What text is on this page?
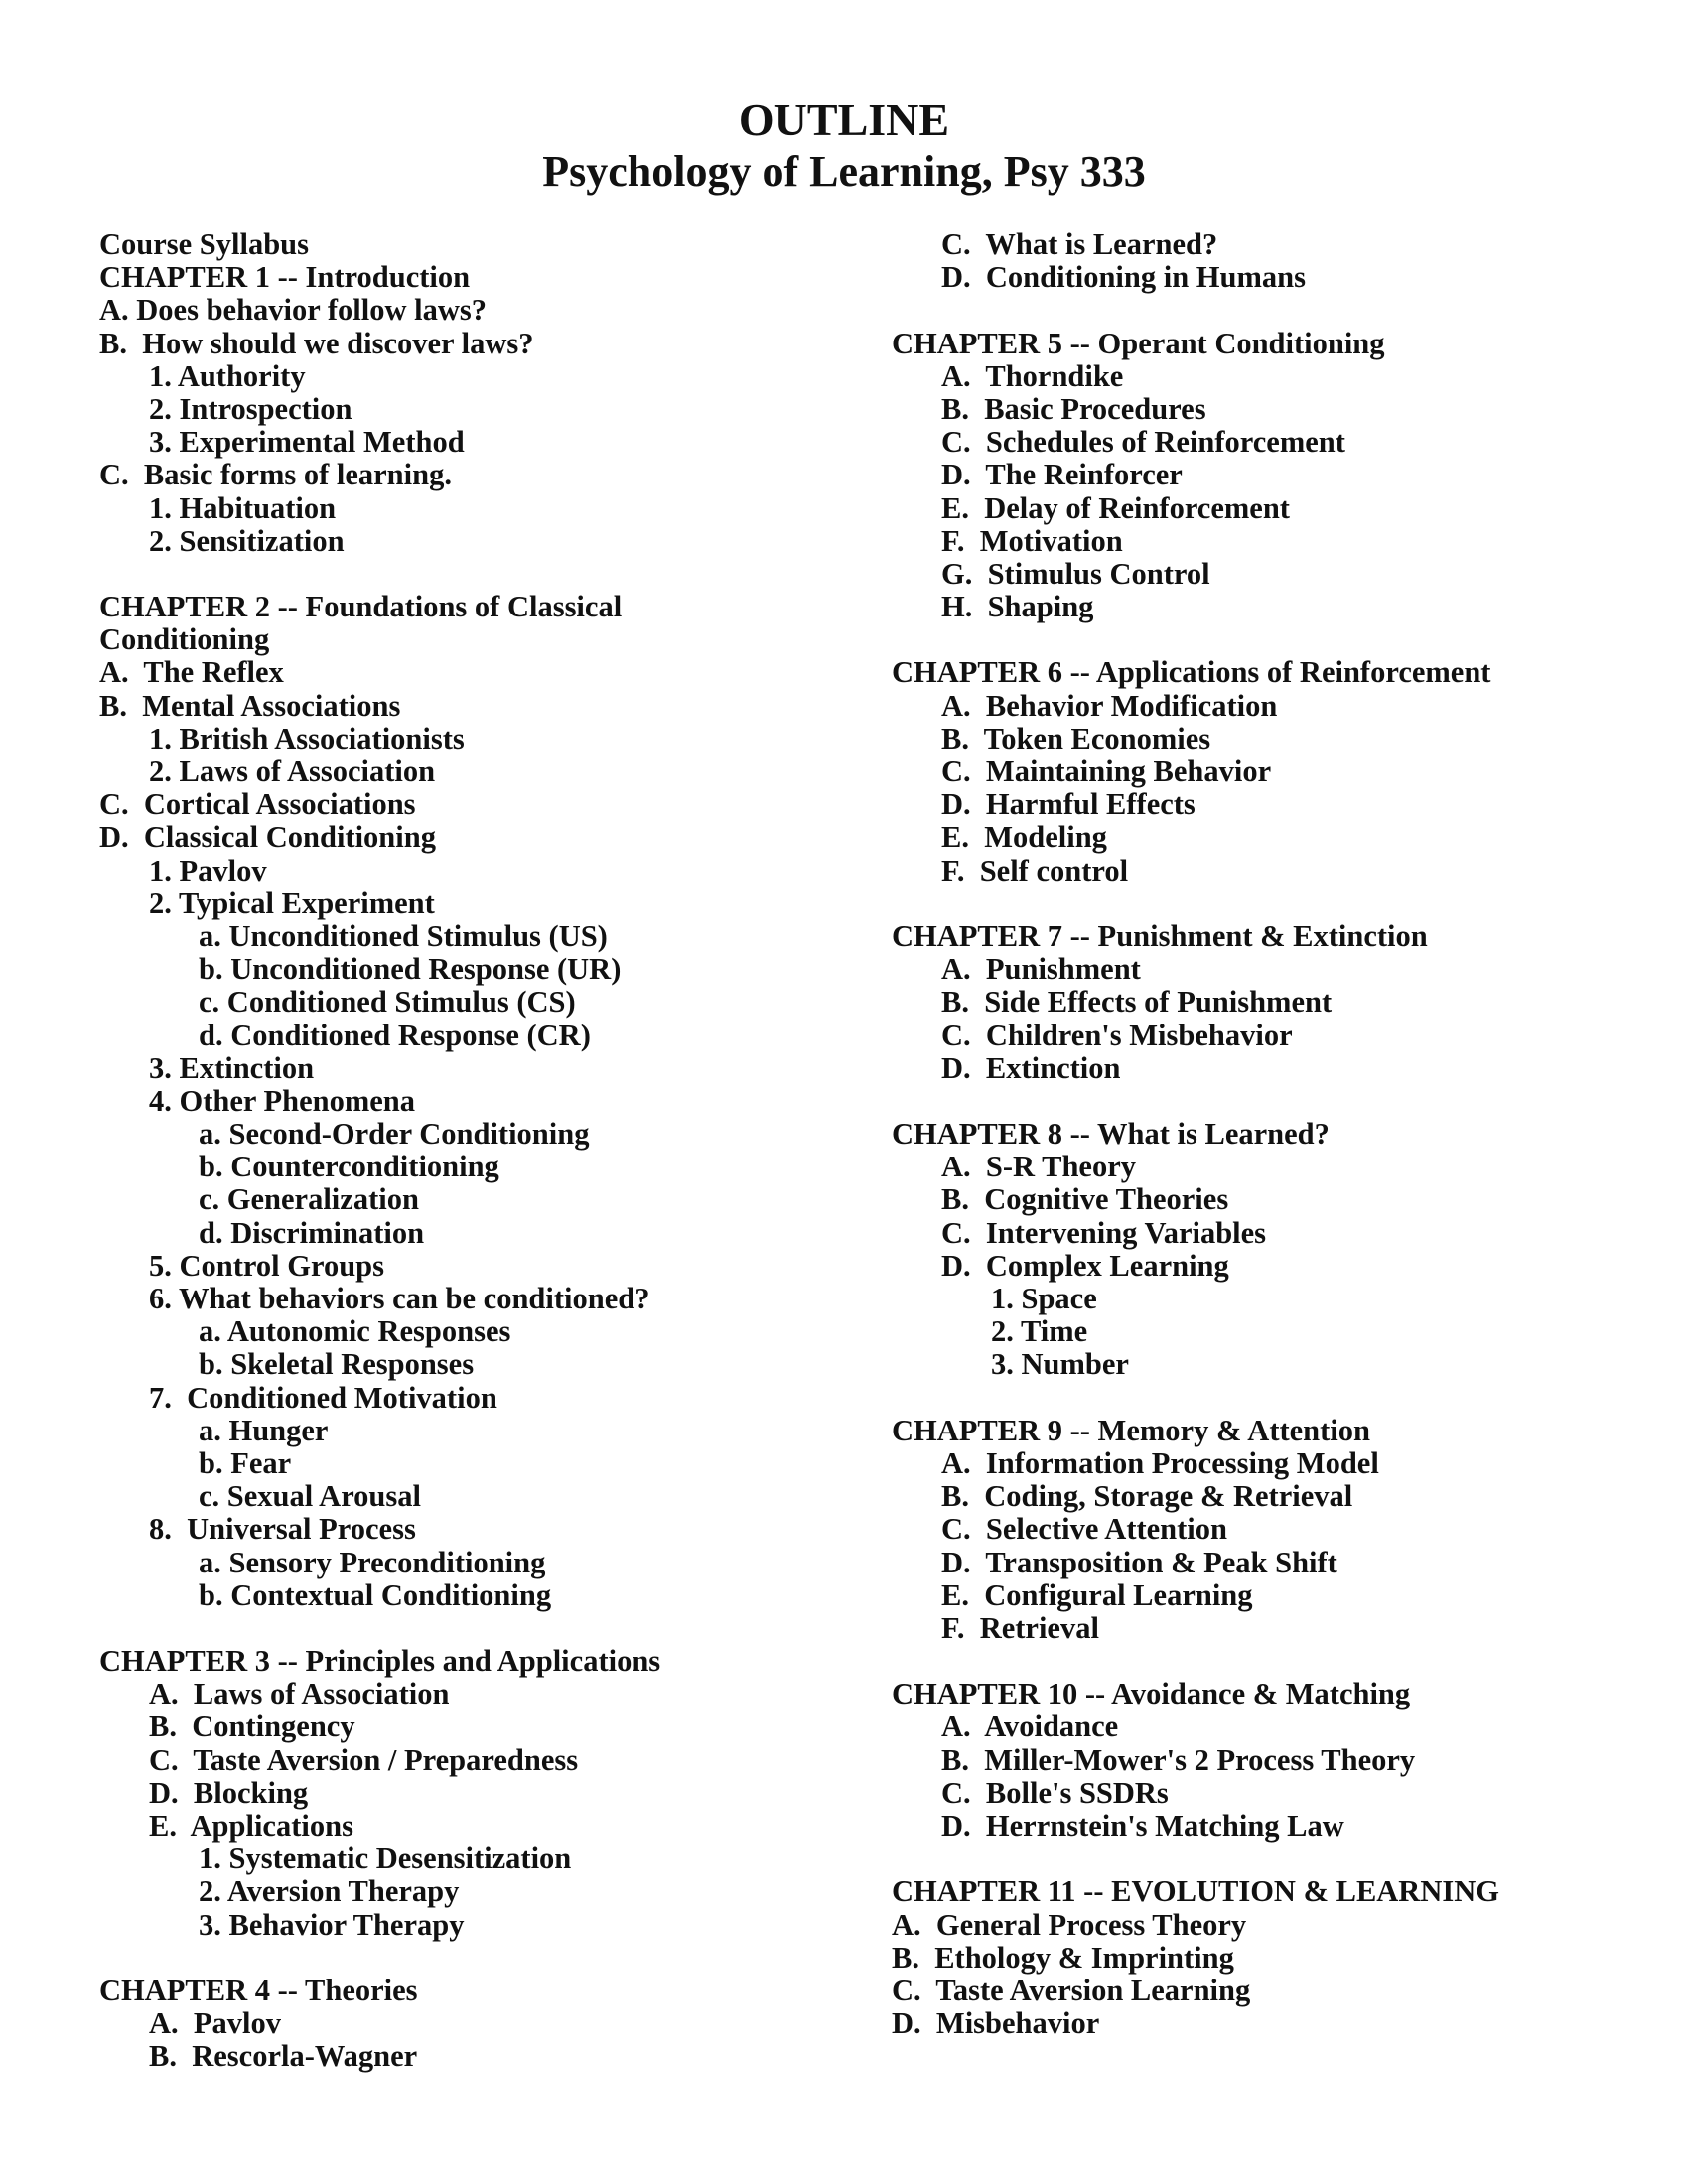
OUTLINE
Psychology of Learning, Psy 333
Course Syllabus
CHAPTER 1 -- Introduction
A. Does behavior follow laws?
B.  How should we discover laws?
1. Authority
2. Introspection
3. Experimental Method
C.  Basic forms of learning.
1. Habituation
2. Sensitization
CHAPTER 2 -- Foundations of Classical
Conditioning
A.  The Reflex
B.  Mental Associations
1. British Associationists
2. Laws of Association
C.  Cortical Associations
D.  Classical Conditioning
1. Pavlov
2. Typical Experiment
a. Unconditioned Stimulus (US)
b. Unconditioned Response (UR)
c. Conditioned Stimulus (CS)
d. Conditioned Response (CR)
3. Extinction
4. Other Phenomena
a. Second-Order Conditioning
b. Counterconditioning
c. Generalization
d. Discrimination
5. Control Groups
6. What behaviors can be conditioned?
a. Autonomic Responses
b. Skeletal Responses
7.  Conditioned Motivation
a. Hunger
b. Fear
c. Sexual Arousal
8.  Universal Process
a. Sensory Preconditioning
b. Contextual Conditioning
CHAPTER 3 -- Principles and Applications
A.  Laws of Association
B.  Contingency
C.  Taste Aversion / Preparedness
D.  Blocking
E.  Applications
1. Systematic Desensitization
2. Aversion Therapy
3. Behavior Therapy
CHAPTER 4 -- Theories
A.  Pavlov
B.  Rescorla-Wagner
C.  What is Learned?
D.  Conditioning in Humans
CHAPTER 5 -- Operant Conditioning
A.  Thorndike
B.  Basic Procedures
C.  Schedules of Reinforcement
D.  The Reinforcer
E.  Delay of Reinforcement
F.  Motivation
G.  Stimulus Control
H.  Shaping
CHAPTER 6 -- Applications of Reinforcement
A.  Behavior Modification
B.  Token Economies
C.  Maintaining Behavior
D.  Harmful Effects
E.  Modeling
F.  Self control
CHAPTER 7 -- Punishment & Extinction
A.  Punishment
B.  Side Effects of Punishment
C.  Children's Misbehavior
D.  Extinction
CHAPTER 8 -- What is Learned?
A.  S-R Theory
B.  Cognitive Theories
C.  Intervening Variables
D.  Complex Learning
1. Space
2. Time
3. Number
CHAPTER 9 -- Memory & Attention
A.  Information Processing Model
B.  Coding, Storage & Retrieval
C.  Selective Attention
D.  Transposition & Peak Shift
E.  Configural Learning
F.  Retrieval
CHAPTER 10 -- Avoidance & Matching
A.  Avoidance
B.  Miller-Mower's 2 Process Theory
C.  Bolle's SSDRs
D.  Herrnstein's Matching Law
CHAPTER 11 -- EVOLUTION & LEARNING
A.  General Process Theory
B.  Ethology & Imprinting
C.  Taste Aversion Learning
D.  Misbehavior
